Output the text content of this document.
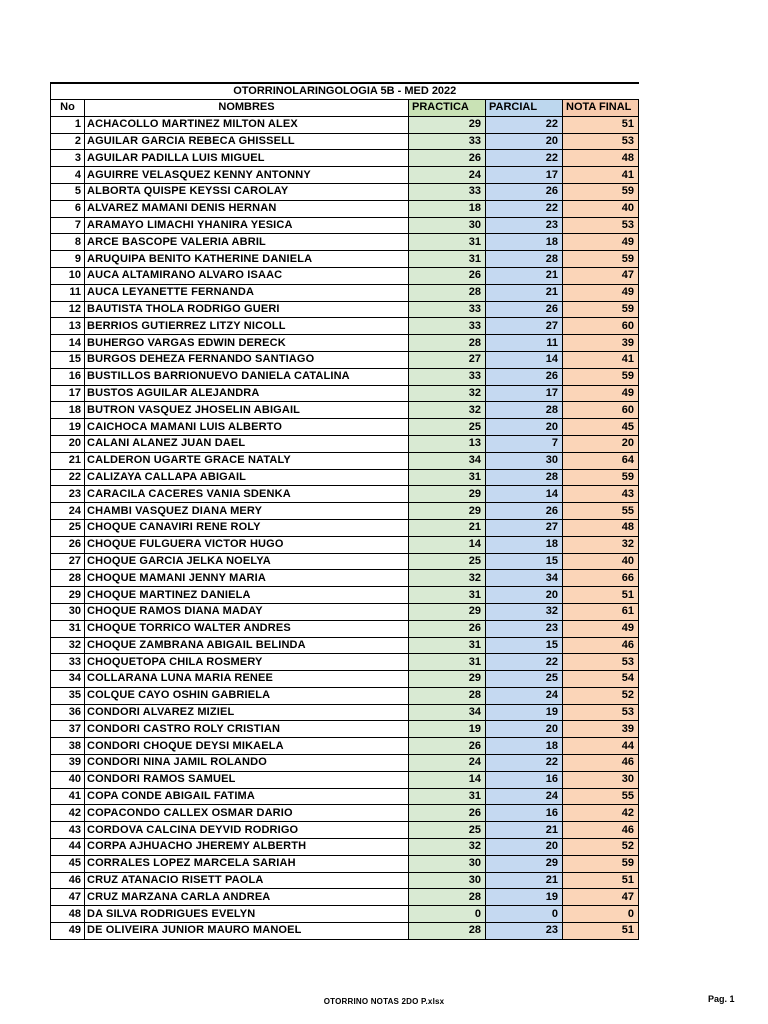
OTORRINOLARINGOLOGIA 5B - MED 2022				
No	NOMBRES	PRACTICA	PARCIAL	NOTA FINAL
1	ACHACOLLO MARTINEZ MILTON ALEX	29	22	51
2	AGUILAR GARCIA REBECA GHISSELL	33	20	53
3	AGUILAR PADILLA LUIS MIGUEL	26	22	48
4	AGUIRRE VELASQUEZ KENNY ANTONNY	24	17	41
5	ALBORTA QUISPE KEYSSI CAROLAY	33	26	59
6	ALVAREZ MAMANI DENIS HERNAN	18	22	40
7	ARAMAYO LIMACHI YHANIRA YESICA	30	23	53
8	ARCE BASCOPE VALERIA ABRIL	31	18	49
9	ARUQUIPA BENITO KATHERINE DANIELA	31	28	59
10	AUCA ALTAMIRANO ALVARO ISAAC	26	21	47
11	AUCA LEYANETTE FERNANDA	28	21	49
12	BAUTISTA THOLA RODRIGO GUERI	33	26	59
13	BERRIOS GUTIERREZ LITZY NICOLL	33	27	60
14	BUHERGO VARGAS EDWIN DERECK	28	11	39
15	BURGOS DEHEZA FERNANDO SANTIAGO	27	14	41
16	BUSTILLOS BARRIONUEVO DANIELA CATALINA	33	26	59
17	BUSTOS AGUILAR ALEJANDRA	32	17	49
18	BUTRON VASQUEZ JHOSELIN ABIGAIL	32	28	60
19	CAICHOCA MAMANI LUIS ALBERTO	25	20	45
20	CALANI ALANEZ JUAN DAEL	13	7	20
21	CALDERON UGARTE GRACE NATALY	34	30	64
22	CALIZAYA CALLAPA ABIGAIL	31	28	59
23	CARACILA CACERES VANIA SDENKA	29	14	43
24	CHAMBI VASQUEZ DIANA MERY	29	26	55
25	CHOQUE CANAVIRI RENE ROLY	21	27	48
26	CHOQUE FULGUERA VICTOR HUGO	14	18	32
27	CHOQUE GARCIA JELKA NOELYA	25	15	40
28	CHOQUE MAMANI JENNY MARIA	32	34	66
29	CHOQUE MARTINEZ DANIELA	31	20	51
30	CHOQUE RAMOS DIANA MADAY	29	32	61
31	CHOQUE TORRICO WALTER ANDRES	26	23	49
32	CHOQUE ZAMBRANA ABIGAIL BELINDA	31	15	46
33	CHOQUETOPA CHILA ROSMERY	31	22	53
34	COLLARANA LUNA MARIA RENEE	29	25	54
35	COLQUE CAYO OSHIN GABRIELA	28	24	52
36	CONDORI ALVAREZ MIZIEL	34	19	53
37	CONDORI CASTRO ROLY CRISTIAN	19	20	39
38	CONDORI CHOQUE DEYSI MIKAELA	26	18	44
39	CONDORI NINA JAMIL ROLANDO	24	22	46
40	CONDORI RAMOS SAMUEL	14	16	30
41	COPA CONDE ABIGAIL FATIMA	31	24	55
42	COPACONDO CALLEX OSMAR DARIO	26	16	42
43	CORDOVA CALCINA DEYVID RODRIGO	25	21	46
44	CORPA AJHUACHO JHEREMY ALBERTH	32	20	52
45	CORRALES LOPEZ MARCELA SARIAH	30	29	59
46	CRUZ ATANACIO RISETT PAOLA	30	21	51
47	CRUZ MARZANA CARLA ANDREA	28	19	47
48	DA SILVA RODRIGUES EVELYN	0	0	0
49	DE OLIVEIRA JUNIOR MAURO MANOEL	28	23	51
OTORRINO NOTAS 2DO P.xlsx	Pag. 1
